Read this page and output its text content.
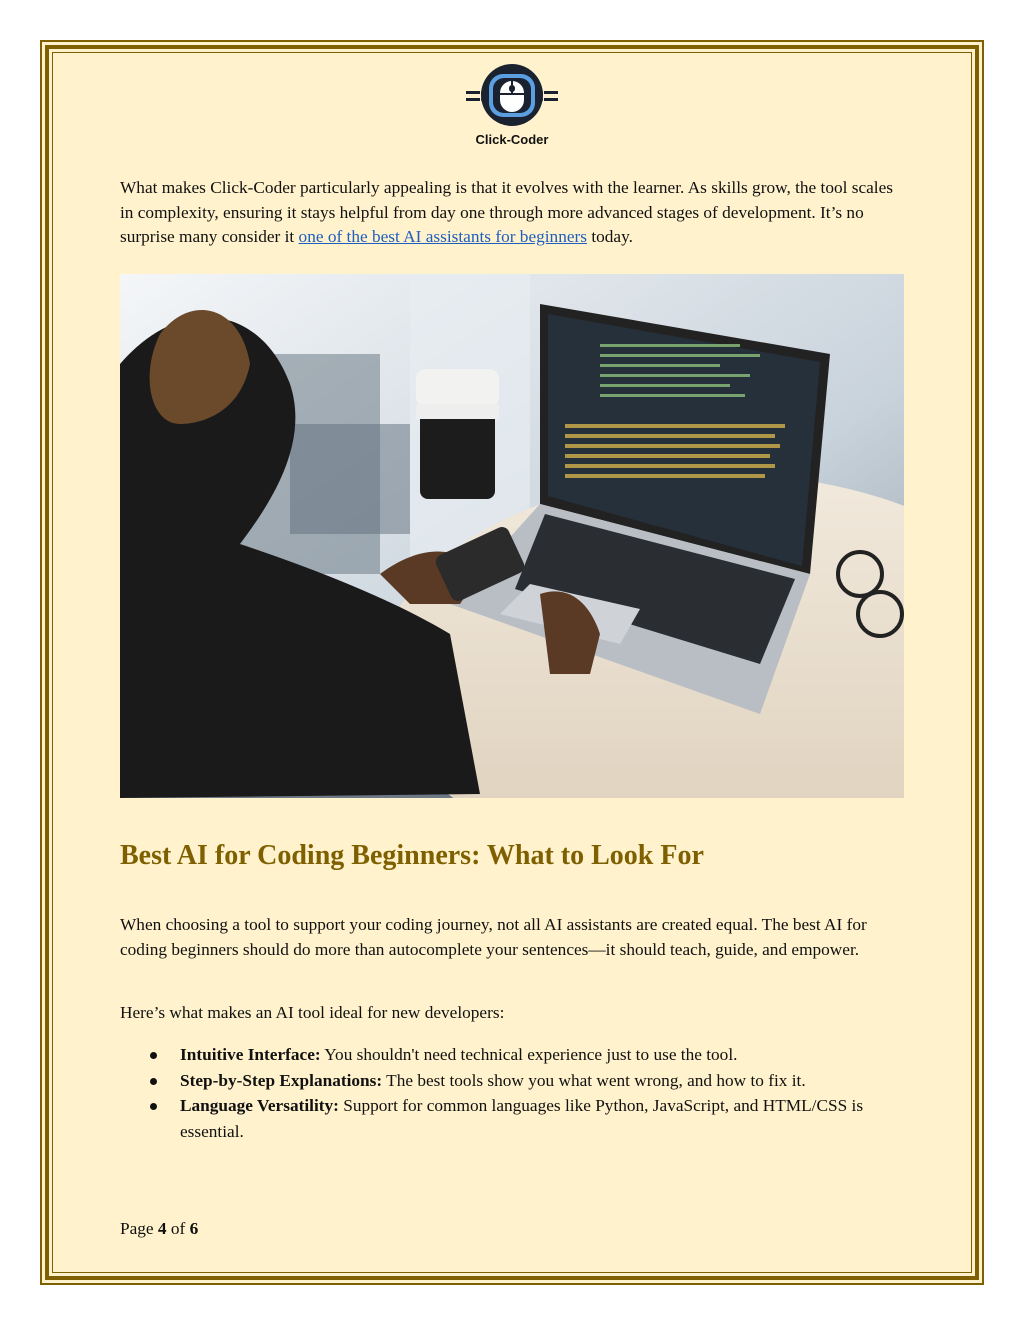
Click-Coder

What makes Click-Coder particularly appealing is that it evolves with the learner. As skills grow, the tool scales in complexity, ensuring it stays helpful from day one through more advanced stages of development. It’s no surprise many consider it one of the best AI assistants for beginners today.

Best AI for Coding Beginners: What to Look For

When choosing a tool to support your coding journey, not all AI assistants are created equal. The best AI for coding beginners should do more than autocomplete your sentences—it should teach, guide, and empower.

Here’s what makes an AI tool ideal for new developers:

Intuitive Interface: You shouldn't need technical experience just to use the tool.
Step-by-Step Explanations: The best tools show you what went wrong, and how to fix it.
Language Versatility: Support for common languages like Python, JavaScript, and HTML/CSS is essential.
Page 4 of 6
